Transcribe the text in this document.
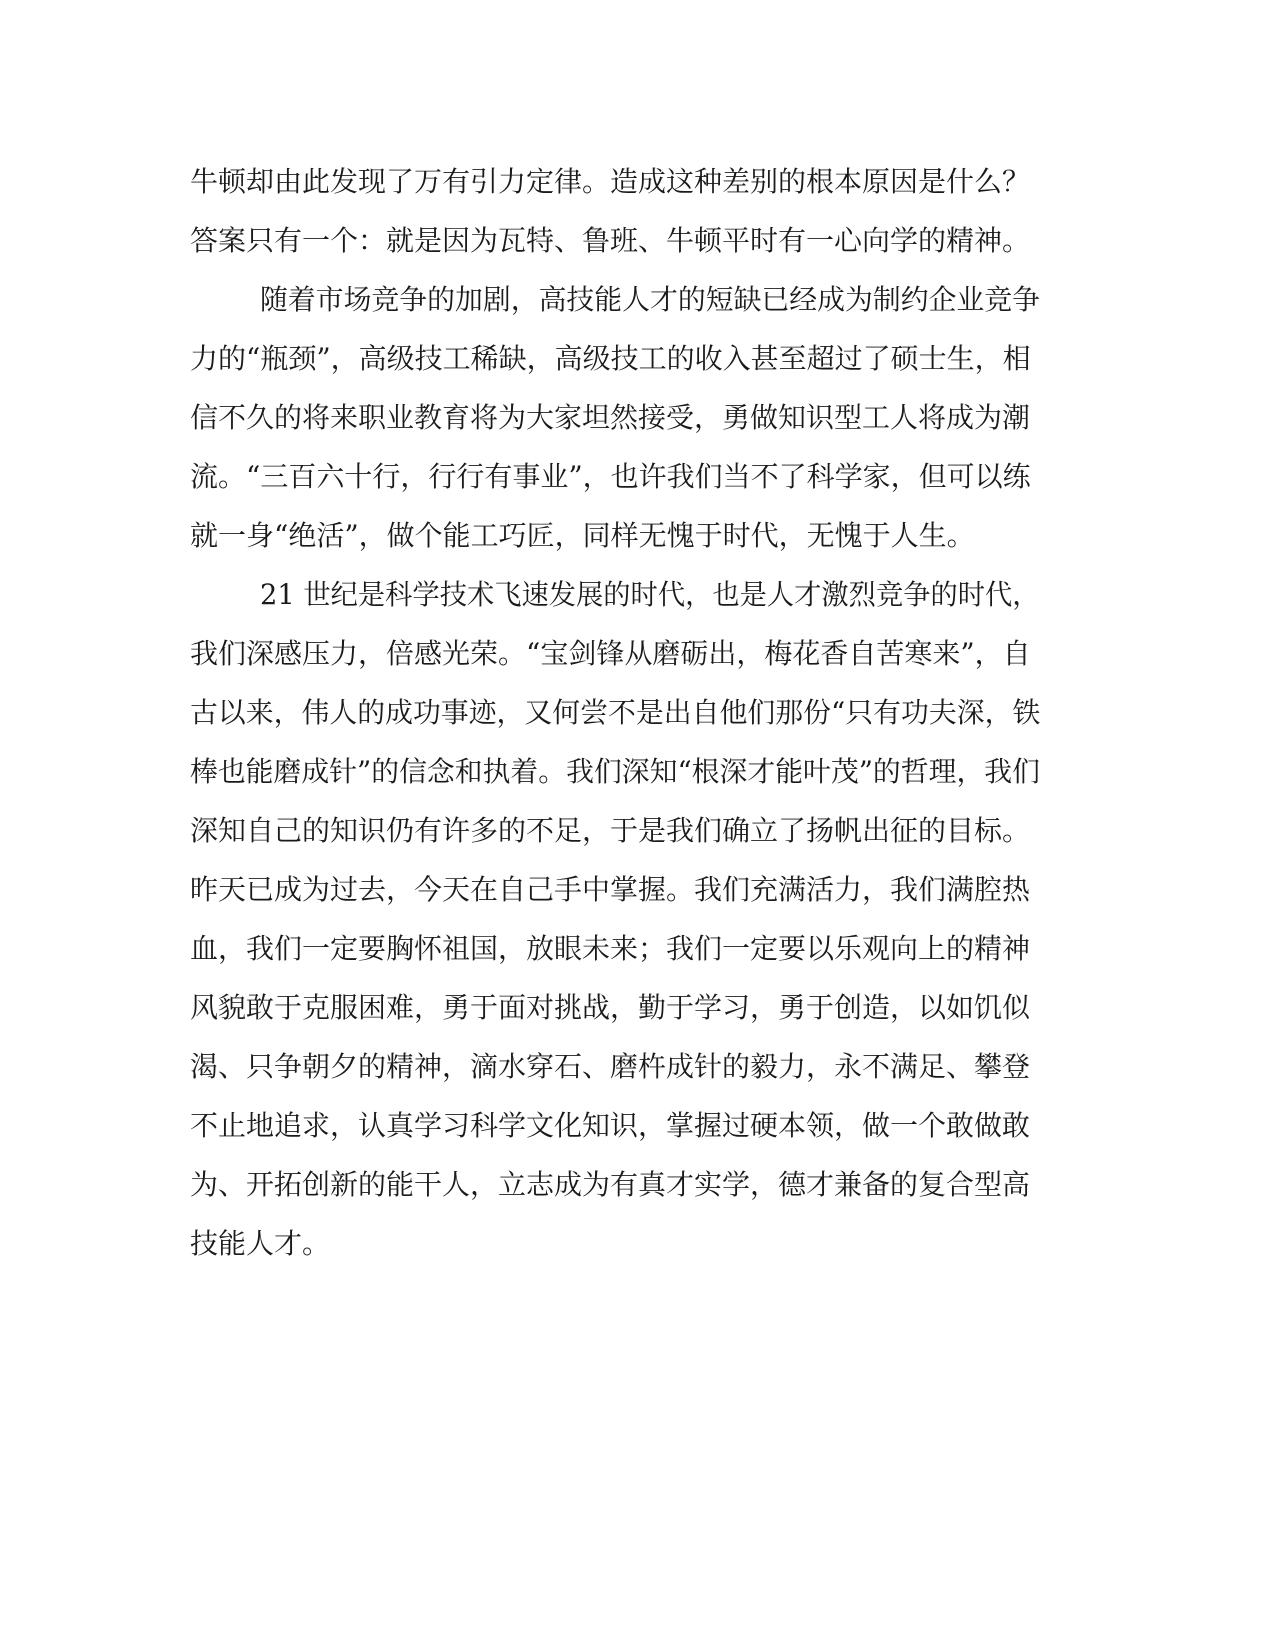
牛顿却由此发现了万有引力定律。造成这种差别的根本原因是什么？
答案只有一个：就是因为瓦特、鲁班、牛顿平时有一心向学的精神。
随着市场竞争的加剧，高技能人才的短缺已经成为制约企业竞争
力的“瓶颈”，高级技工稀缺，高级技工的收入甚至超过了硕士生，相
信不久的将来职业教育将为大家坦然接受，勇做知识型工人将成为潮
流。“三百六十行，行行有事业”，也许我们当不了科学家，但可以练
就一身“绝活”，做个能工巧匠，同样无愧于时代，无愧于人生。
21 世纪是科学技术飞速发展的时代，也是人才激烈竞争的时代，
我们深感压力，倍感光荣。“宝剑锋从磨砺出，梅花香自苦寒来”，自
古以来，伟人的成功事迹，又何尝不是出自他们那份“只有功夫深，铁
棒也能磨成针”的信念和执着。我们深知“根深才能叶茂”的哲理，我们
深知自己的知识仍有许多的不足，于是我们确立了扬帆出征的目标。
昨天已成为过去，今天在自己手中掌握。我们充满活力，我们满腔热
血，我们一定要胸怀祖国，放眼未来；我们一定要以乐观向上的精神
风貌敢于克服困难，勇于面对挑战，勤于学习，勇于创造，以如饥似
渴、只争朝夕的精神，滴水穿石、磨杵成针的毅力，永不满足、攀登
不止地追求，认真学习科学文化知识，掌握过硬本领，做一个敢做敢
为、开拓创新的能干人，立志成为有真才实学，德才兼备的复合型高
技能人才。
